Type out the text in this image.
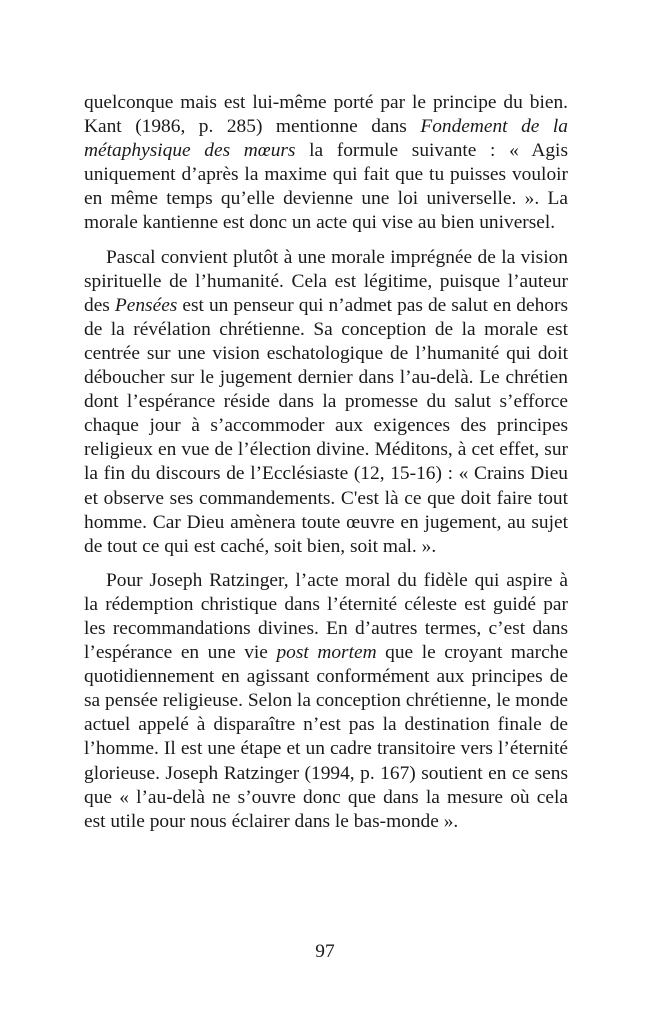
quelconque mais est lui-même porté par le principe du bien. Kant (1986, p. 285) mentionne dans Fondement de la métaphysique des mœurs la formule suivante : « Agis uniquement d’après la maxime qui fait que tu puisses vouloir en même temps qu’elle devienne une loi universelle. ». La morale kantienne est donc un acte qui vise au bien universel.

Pascal convient plutôt à une morale imprégnée de la vision spirituelle de l’humanité. Cela est légitime, puisque l’auteur des Pensées est un penseur qui n’admet pas de salut en dehors de la révélation chrétienne. Sa conception de la morale est centrée sur une vision eschatologique de l’humanité qui doit déboucher sur le jugement dernier dans l’au-delà. Le chrétien dont l’espérance réside dans la promesse du salut s’efforce chaque jour à s’accommoder aux exigences des principes religieux en vue de l’élection divine. Méditons, à cet effet, sur la fin du discours de l’Ecclésiaste (12, 15-16) : « Crains Dieu et observe ses commandements. C'est là ce que doit faire tout homme. Car Dieu amènera toute œuvre en jugement, au sujet de tout ce qui est caché, soit bien, soit mal. ».

Pour Joseph Ratzinger, l’acte moral du fidèle qui aspire à la rédemption christique dans l’éternité céleste est guidé par les recommandations divines. En d’autres termes, c’est dans l’espérance en une vie post mortem que le croyant marche quotidiennement en agissant conformément aux principes de sa pensée religieuse. Selon la conception chrétienne, le monde actuel appelé à disparaître n’est pas la destination finale de l’homme. Il est une étape et un cadre transitoire vers l’éternité glorieuse. Joseph Ratzinger (1994, p. 167) soutient en ce sens que « l’au-delà ne s’ouvre donc que dans la mesure où cela est utile pour nous éclairer dans le bas-monde ».

97
